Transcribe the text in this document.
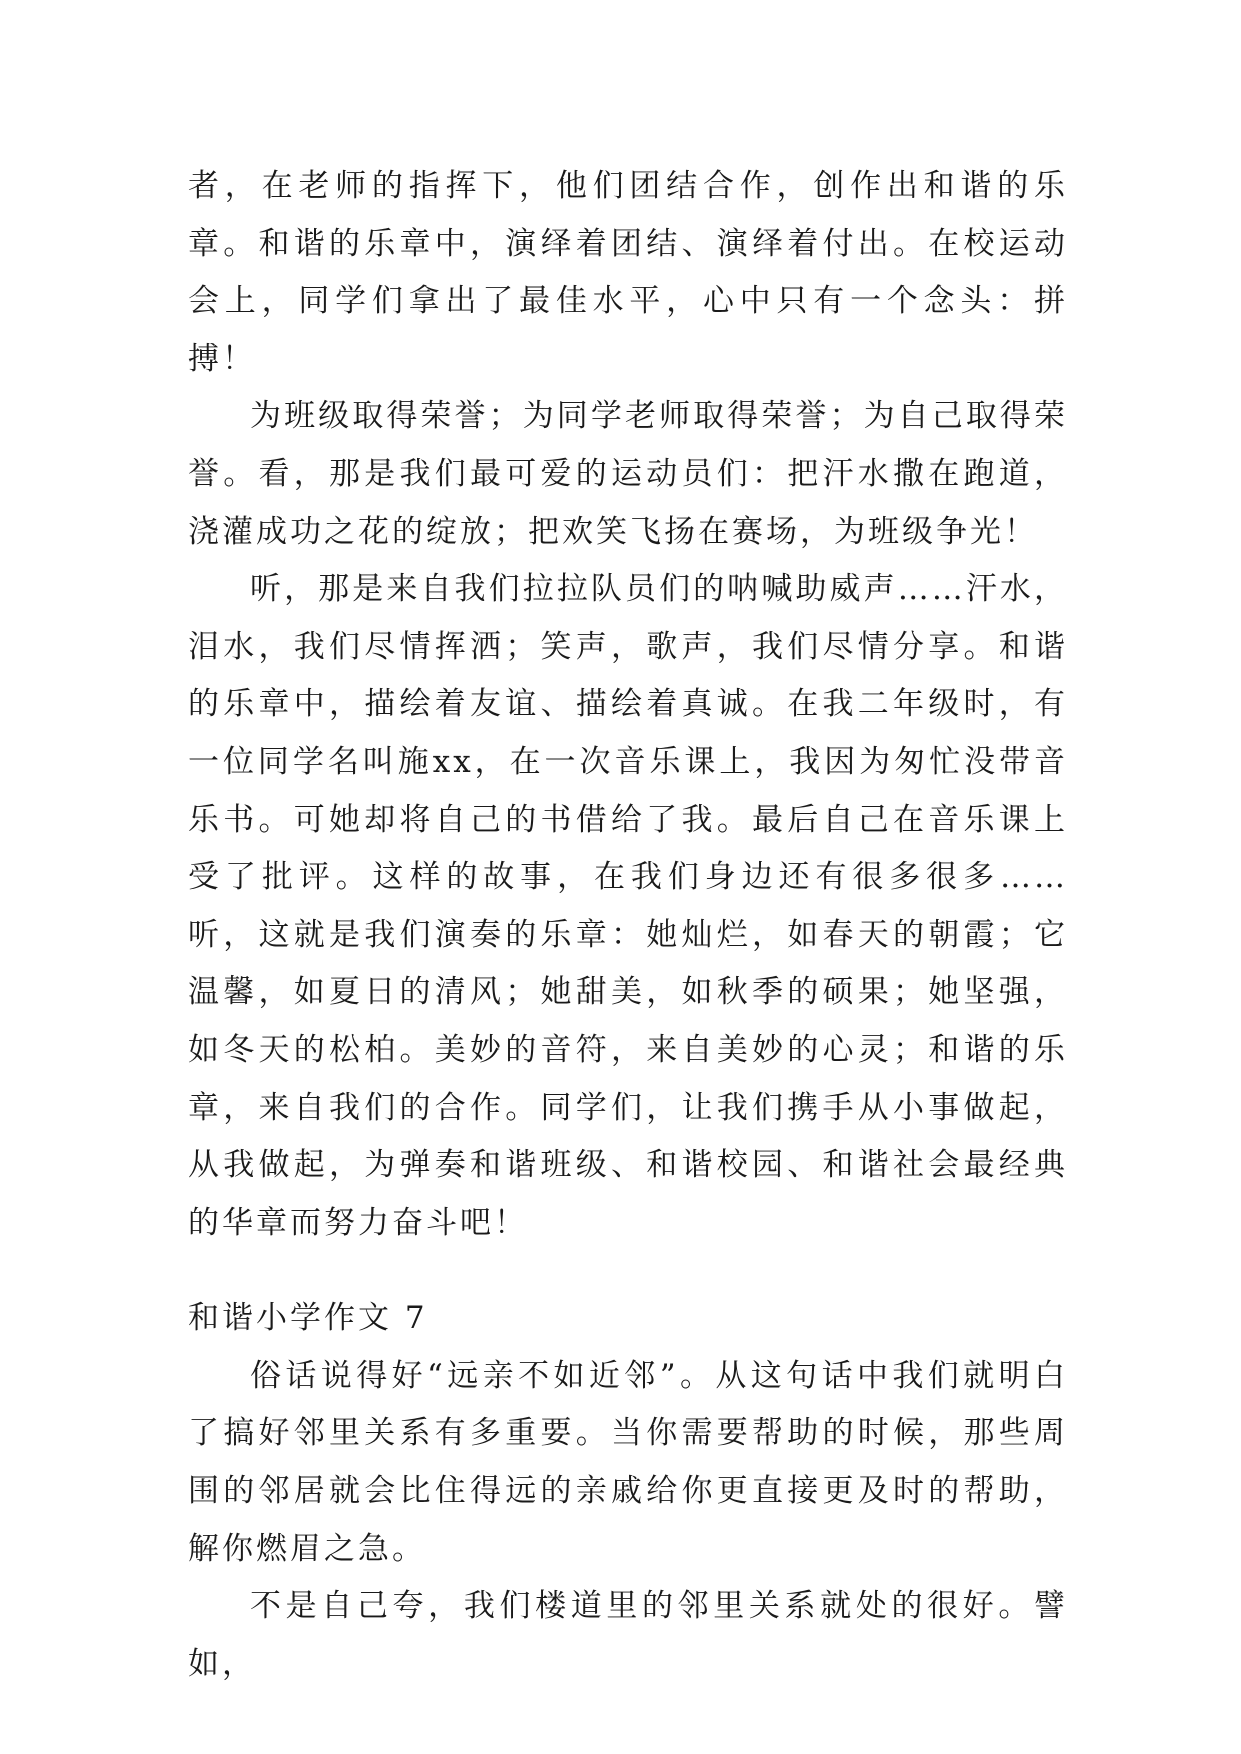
者，在老师的指挥下，他们团结合作，创作出和谐的乐章。和谐的乐章中，演绎着团结、演绎着付出。在校运动会上，同学们拿出了最佳水平，心中只有一个念头：拼搏！

为班级取得荣誉；为同学老师取得荣誉；为自己取得荣誉。看，那是我们最可爱的运动员们：把汗水撒在跑道，浇灌成功之花的绽放；把欢笑飞扬在赛场，为班级争光！

听，那是来自我们拉拉队员们的呐喊助威声……汗水，泪水，我们尽情挥洒；笑声，歌声，我们尽情分享。和谐的乐章中，描绘着友谊、描绘着真诚。在我二年级时，有一位同学名叫施xx，在一次音乐课上，我因为匆忙没带音乐书。可她却将自己的书借给了我。最后自己在音乐课上受了批评。这样的故事，在我们身边还有很多很多……听，这就是我们演奏的乐章：她灿烂，如春天的朝霞；它温馨，如夏日的清风；她甜美，如秋季的硕果；她坚强，如冬天的松柏。美妙的音符，来自美妙的心灵；和谐的乐章，来自我们的合作。同学们，让我们携手从小事做起，从我做起，为弹奏和谐班级、和谐校园、和谐社会最经典的华章而努力奋斗吧！

和谐小学作文 7

俗话说得好“远亲不如近邻”。从这句话中我们就明白了搞好邻里关系有多重要。当你需要帮助的时候，那些周围的邻居就会比住得远的亲戚给你更直接更及时的帮助，解你燃眉之急。

不是自己夸，我们楼道里的邻里关系就处的很好。譬如，
